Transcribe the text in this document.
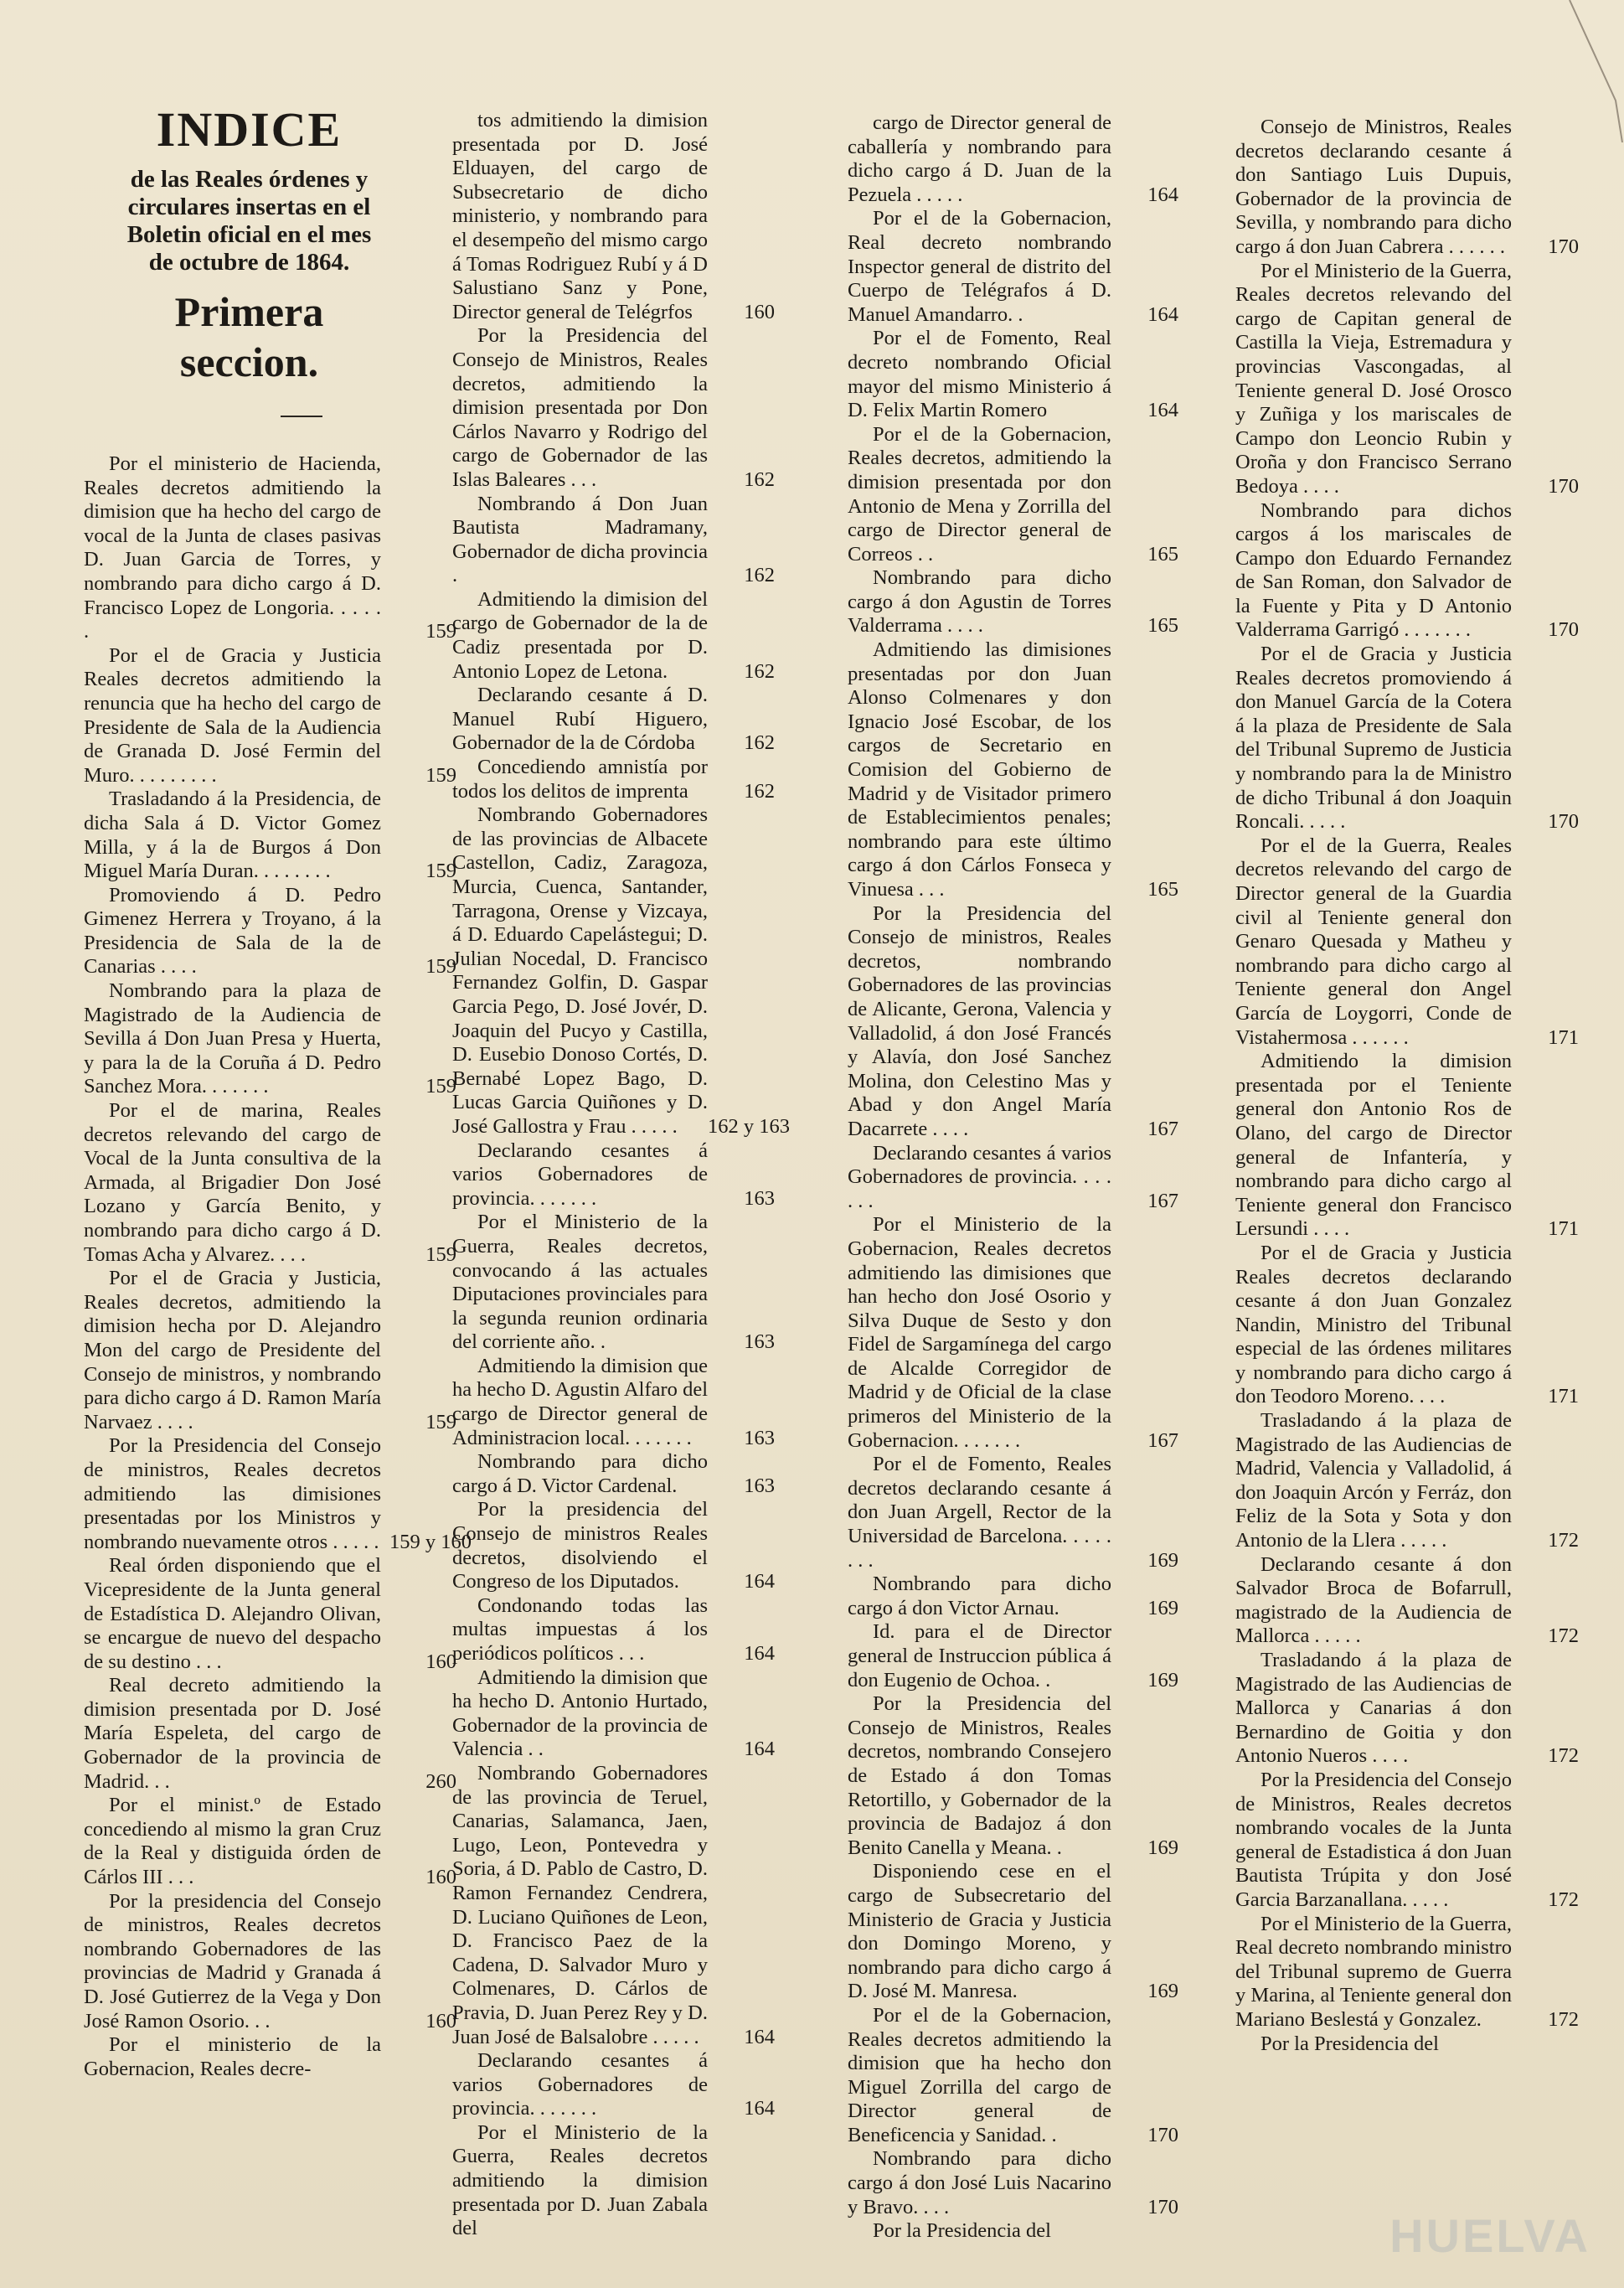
INDICE
de las Reales órdenes y circulares insertas en el Boletin oficial en el mes de octubre de 1864.
Primera seccion.
Por el ministerio de Hacienda, Reales decretos admitiendo la dimision que ha hecho del cargo de vocal de la Junta de clases pasivas D. Juan Garcia de Torres, y nombrando para dicho cargo á D. Francisco Lopez de Longoria. . . . . .	159
Por el de Gracia y Justicia Reales decretos admitiendo la renuncia que ha hecho del cargo de Presidente de Sala de la Audiencia de Granada D. José Fermin del Muro. . . . . . . . .	159
Trasladando á la Presidencia, de dicha Sala á D. Victor Gomez Milla, y á la de Burgos á Don Miguel María Duran. . . . . . . .	159
Promoviendo á D. Pedro Gimenez Herrera y Troyano, á la Presidencia de Sala de la de Canarias . . . .	159
Nombrando para la plaza de Magistrado de la Audiencia de Sevilla á Don Juan Presa y Huerta, y para la de la Coruña á D. Pedro Sanchez Mora. . . . . . .	159
Por el de marina, Reales decretos relevando del cargo de Vocal de la Junta consultiva de la Armada, al Brigadier Don José Lozano y García Benito, y nombrando para dicho cargo á D. Tomas Acha y Alvarez. . . .	159
Por el de Gracia y Justicia, Reales decretos, admitiendo la dimision hecha por D. Alejandro Mon del cargo de Presidente del Consejo de ministros, y nombrando para dicho cargo á D. Ramon María Narvaez . . . .	159
Por la Presidencia del Consejo de ministros, Reales decretos admitiendo las dimisiones presentadas por los Ministros y nombrando nuevamente otros . . . . . 159 y 160
Real órden disponiendo que el Vicepresidente de la Junta general de Estadística D. Alejandro Olivan, se encargue de nuevo del despacho de su destino . . .	160
Real decreto admitiendo la dimision presentada por D. José María Espeleta, del cargo de Gobernador de la provincia de Madrid. . .	260
Por el minist.º de Estado concediendo al mismo la gran Cruz de la Real y distiguida órden de Cárlos III . . .	160
Por la presidencia del Consejo de ministros, Reales decretos nombrando Gobernadores de las provincias de Madrid y Granada á D. José Gutierrez de la Vega y Don José Ramon Osorio. . .	160
Por el ministerio de la Gobernacion, Reales decre-
tos admitiendo la dimision presentada por D. José Elduayen, del cargo de Subsecretario de dicho ministerio, y nombrando para el desempeño del mismo cargo á Tomas Rodriguez Rubí y á D Salustiano Sanz y Pone, Director general de Telégrfos	160
Por la Presidencia del Consejo de Ministros, Reales decretos, admitiendo la dimision presentada por Don Cárlos Navarro y Rodrigo del cargo de Gobernador de las Islas Baleares . . .	162
Nombrando á Don Juan Bautista Madramany, Gobernador de dicha provincia .	162
Admitiendo la dimision del cargo de Gobernador de la de Cadiz presentada por D. Antonio Lopez de Letona.	162
Declarando cesante á D. Manuel Rubí Higuero, Gobernador de la de Córdoba	162
Concediendo amnistía por todos los delitos de imprenta	162
Nombrando Gobernadores de las provincias de Albacete Castellon, Cadiz, Zaragoza, Murcia, Cuenca, Santander, Tarragona, Orense y Vizcaya, á D. Eduardo Capelástegui; D. Julian Nocedal, D. Francisco Fernandez Golfin, D. Gaspar Garcia Pego, D. José Jovér, D. Joaquin del Pucyo y Castilla, D. Eusebio Donoso Cortés, D. Bernabé Lopez Bago, D. Lucas Garcia Quiñones y D. José Gallostra y Frau . . . . . 162 y 163
Declarando cesantes á varios Gobernadores de provincia. . . . . . .	163
Por el Ministerio de la Guerra, Reales decretos, convocando á las actuales Diputaciones provinciales para la segunda reunion ordinaria del corriente año. .	163
Admitiendo la dimision que ha hecho D. Agustin Alfaro del cargo de Director general de Administracion local. . . . . . .	163
Nombrando para dicho cargo á D. Victor Cardenal.	163
Por la presidencia del Consejo de ministros Reales decretos, disolviendo el Congreso de los Diputados.	164
Condonando todas las multas impuestas á los periódicos políticos . . .	164
Admitiendo la dimision que ha hecho D. Antonio Hurtado, Gobernador de la provincia de Valencia . .	164
Nombrando Gobernadores de las provincia de Teruel, Canarias, Salamanca, Jaen, Lugo, Leon, Pontevedra y Soria, á D. Pablo de Castro, D. Ramon Fernandez Cendrera, D. Luciano Quiñones de Leon, D. Francisco Paez de la Cadena, D. Salvador Muro y Colmenares, D. Cárlos de Pravia, D. Juan Perez Rey y D. Juan José de Balsalobre . . . . .	164
Declarando cesantes á varios Gobernadores de provincia. . . . . . .	164
Por el Ministerio de la Guerra, Reales decretos admitiendo la dimision presentada por D. Juan Zabala del
cargo de Director general de caballería y nombrando para dicho cargo á D. Juan de la Pezuela . . . . .	164
Por el de la Gobernacion, Real decreto nombrando Inspector general de distrito del Cuerpo de Telégrafos á D. Manuel Amandarro. .	164
Por el de Fomento, Real decreto nombrando Oficial mayor del mismo Ministerio á D. Felix Martin Romero	164
Por el de la Gobernacion, Reales decretos, admitiendo la dimision presentada por don Antonio de Mena y Zorrilla del cargo de Director general de Correos . .	165
Nombrando para dicho cargo á don Agustin de Torres Valderrama . . . .	165
Admitiendo las dimisiones presentadas por don Juan Alonso Colmenares y don Ignacio José Escobar, de los cargos de Secretario en Comision del Gobierno de Madrid y de Visitador primero de Establecimientos penales; nombrando para este último cargo á don Cárlos Fonseca y Vinuesa . . .	165
Por la Presidencia del Consejo de ministros, Reales decretos, nombrando Gobernadores de las provincias de Alicante, Gerona, Valencia y Valladolid, á don José Francés y Alavía, don José Sanchez Molina, don Celestino Mas y Abad y don Angel María Dacarrete . . . .	167
Declarando cesantes á varios Gobernadores de provincia. . . . . . .	167
Por el Ministerio de la Gobernacion, Reales decretos admitiendo las dimisiones que han hecho don José Osorio y Silva Duque de Sesto y don Fidel de Sargamínega del cargo de Alcalde Corregidor de Madrid y de Oficial de la clase primeros del Ministerio de la Gobernacion. . . . . . .	167
Por el de Fomento, Reales decretos declarando cesante á don Juan Argell, Rector de la Universidad de Barcelona. . . . . . . .	169
Nombrando para dicho cargo á don Victor Arnau.	169
Id. para el de Director general de Instruccion pública á don Eugenio de Ochoa. .	169
Por la Presidencia del Consejo de Ministros, Reales decretos, nombrando Consejero de Estado á don Tomas Retortillo, y Gobernador de la provincia de Badajoz á don Benito Canella y Meana. .	169
Disponiendo cese en el cargo de Subsecretario del Ministerio de Gracia y Justicia don Domingo Moreno, y nombrando para dicho cargo á D. José M. Manresa.	169
Por el de la Gobernacion, Reales decretos admitiendo la dimision que ha hecho don Miguel Zorrilla del cargo de Director general de Beneficencia y Sanidad. .	170
Nombrando para dicho cargo á don José Luis Nacarino y Bravo. . . .	170
Por la Presidencia del
Consejo de Ministros, Reales decretos declarando cesante á don Santiago Luis Dupuis, Gobernador de la provincia de Sevilla, y nombrando para dicho cargo á don Juan Cabrera . . . . . .	170
Por el Ministerio de la Guerra, Reales decretos relevando del cargo de Capitan general de Castilla la Vieja, Estremadura y provincias Vascongadas, al Teniente general D. José Orosco y Zuñiga y los mariscales de Campo don Leoncio Rubin y Oroña y don Francisco Serrano Bedoya . . . .	170
Nombrando para dichos cargos á los mariscales de Campo don Eduardo Fernandez de San Roman, don Salvador de la Fuente y Pita y D Antonio Valderrama Garrigó . . . . . . .	170
Por el de Gracia y Justicia Reales decretos promoviendo á don Manuel García de la Cotera á la plaza de Presidente de Sala del Tribunal Supremo de Justicia y nombrando para la de Ministro de dicho Tribunal á don Joaquin Roncali. . . . .	170
Por el de la Guerra, Reales decretos relevando del cargo de Director general de la Guardia civil al Teniente general don Genaro Quesada y Matheu y nombrando para dicho cargo al Teniente general don Angel García de Loygorri, Conde de Vistahermosa . . . . . .	171
Admitiendo la dimision presentada por el Teniente general don Antonio Ros de Olano, del cargo de Director general de Infantería, y nombrando para dicho cargo al Teniente general don Francisco Lersundi . . . .	171
Por el de Gracia y Justicia Reales decretos declarando cesante á don Juan Gonzalez Nandin, Ministro del Tribunal especial de las órdenes militares y nombrando para dicho cargo á don Teodoro Moreno. . . .	171
Trasladando á la plaza de Magistrado de las Audiencias de Madrid, Valencia y Valladolid, á don Joaquin Arcón y Ferráz, don Feliz de la Sota y Sota y don Antonio de la Llera . . . . .	172
Declarando cesante á don Salvador Broca de Bofarrull, magistrado de la Audiencia de Mallorca . . . . .	172
Trasladando á la plaza de Magistrado de las Audiencias de Mallorca y Canarias á don Bernardino de Goitia y don Antonio Nueros . . . .	172
Por la Presidencia del Consejo de Ministros, Reales decretos nombrando vocales de la Junta general de Estadistica á don Juan Bautista Trúpita y don José Garcia Barzanallana. . . . .	172
Por el Ministerio de la Guerra, Real decreto nombrando ministro del Tribunal supremo de Guerra y Marina, al Teniente general don Mariano Beslestá y Gonzalez.	172
Por la Presidencia del
HUELVA
